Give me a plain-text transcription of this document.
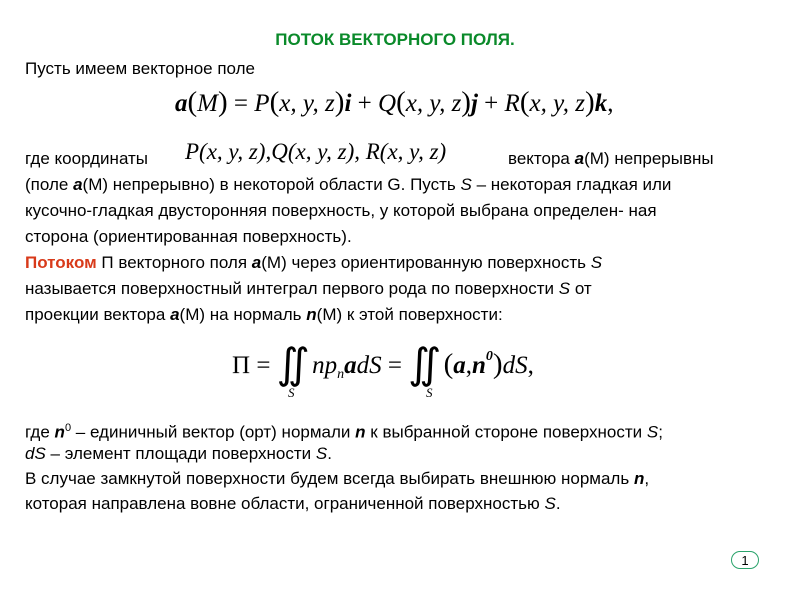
ПОТОК ВЕКТОРНОГО ПОЛЯ.
Пусть имеем векторное поле
a(M) = P(x, y, z)i + Q(x, y, z)j + R(x, y, z)k,
где координаты P(x, y, z),Q(x, y, z), R(x, y, z)	вектора a(M) непрерывны
(поле a(M) непрерывно) в некоторой области G. Пусть S – некоторая гладкая или
кусочно-гладкая двусторонняя поверхность, у которой выбрана определен- ная
сторона (ориентированная поверхность).
Потоком П векторного поля a(M) через ориентированную поверхность S
называется поверхностный интеграл первого рода по поверхности S от
проекции вектора a(M) на нормаль n(M) к этой поверхности:
Π = ∬ $np_nadS$ = ∬ $(a,n^0)dS$,
S	S
где $n^0$ – единичный вектор (орт) нормали n к выбранной стороне поверхности S;
dS – элемент площади поверхности S.
В случае замкнутой поверхности будем всегда выбирать внешнюю нормаль n,
которая направлена вовне области, ограниченной поверхностью S.
1
